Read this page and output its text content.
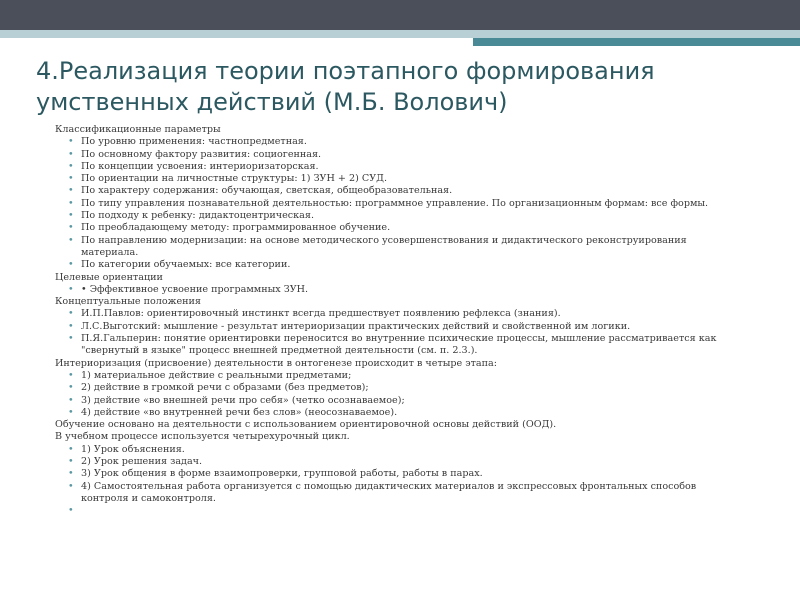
4.Реализация теории поэтапного формирования умственных действий (М.Б. Волович)
Классификационные параметры
• По уровню применения: частнопредметная.
• По основному фактору развития: социогенная.
• По концепции усвоения: интериоризаторская.
• По ориентации на личностные структуры: 1) ЗУН + 2) СУД.
• По характеру содержания: обучающая, светская, общеобразовательная.
• По типу управления познавательной деятельностью: программное управление. По организационным формам: все формы.
• По подходу к ребенку: дидактоцентрическая.
• По преобладающему методу: программированное обучение.
• По направлению модернизации: на основе методического усовершенствования и дидактического реконструирования материала.
• По категории обучаемых: все категории.
Целевые ориентации
• • Эффективное усвоение программных ЗУН.
Концептуальные положения
• И.П.Павлов: ориентировочный инстинкт всегда предшествует появлению рефлекса (знания).
• Л.С.Выготский: мышление - результат интериоризации практических действий и свойственной им логики.
• П.Я.Гальперин: понятие ориентировки переносится во внутренние психические процессы, мышление рассматривается как "свернутый в языке" процесс внешней предметной деятельности (см. п. 2.3.).
Интериоризация (присвоение) деятельности в онтогенезе происходит в четыре этапа:
• 1) материальное действие с реальными предметами;
• 2) действие в громкой речи с образами (без предметов);
• 3) действие «во внешней речи про себя» (четко осознаваемое);
• 4) действие «во внутренней речи без слов» (неосознаваемое).
Обучение основано на деятельности с использованием ориентировочной основы действий (ООД).
В учебном процессе используется четырехурочный цикл.
• 1) Урок объяснения.
• 2) Урок решения задач.
• 3) Урок общения в форме взаимопроверки, групповой работы, работы в парах.
• 4) Самостоятельная работа организуется с помощью дидактических материалов и экспрессовых фронтальных способов контроля и самоконтроля.
•
